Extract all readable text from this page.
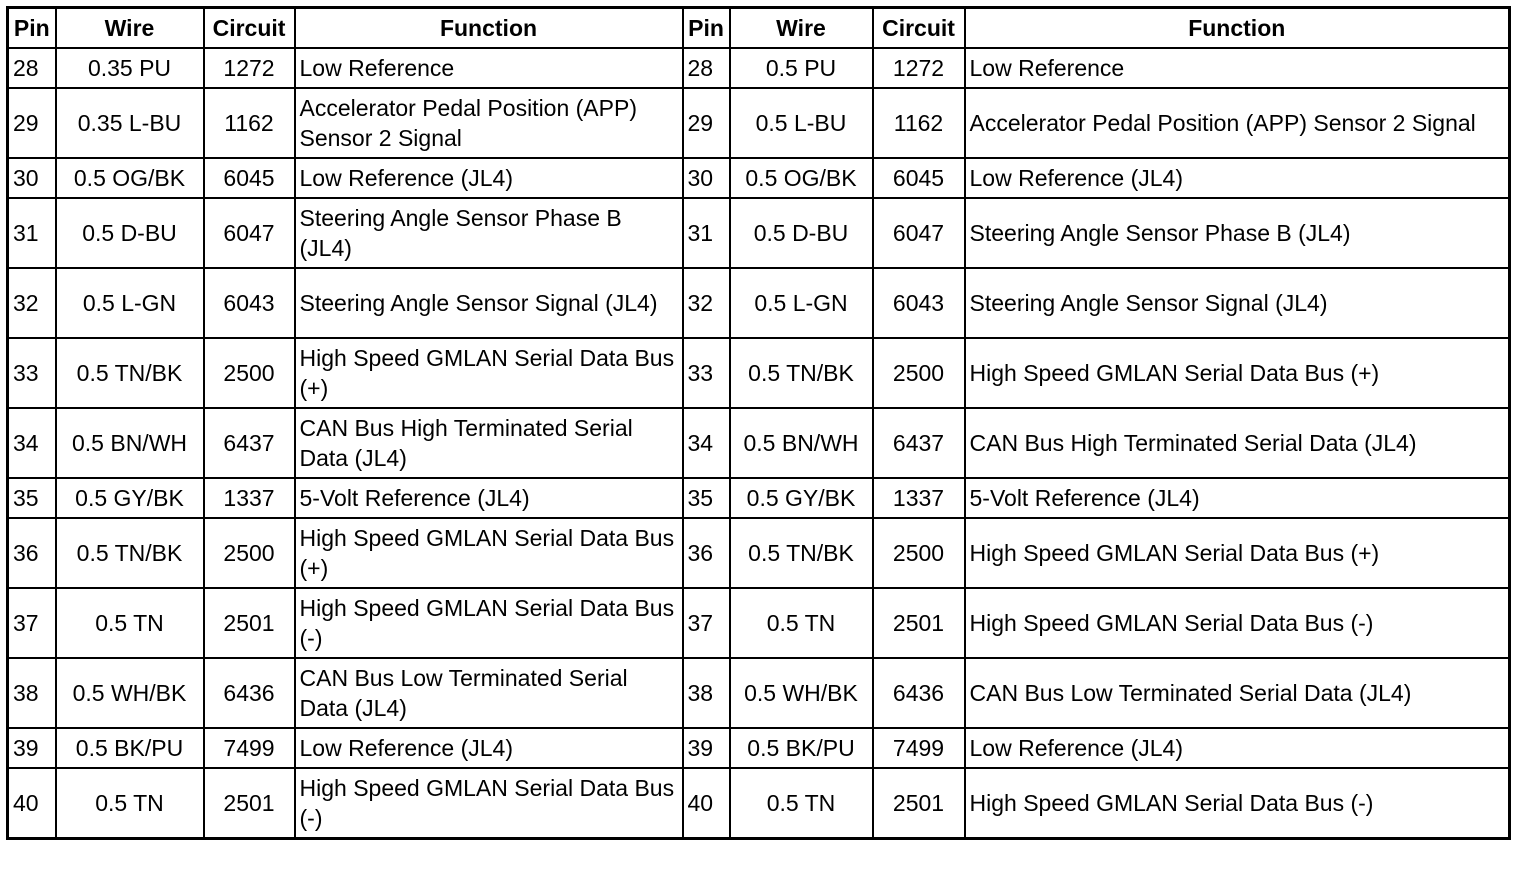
Pin	Wire	Circuit	Function	Pin	Wire	Circuit	Function
28	0.35 PU	1272	Low Reference	28	0.5 PU	1272	Low Reference
29	0.35 L-BU	1162	Accelerator Pedal Position (APP) Sensor 2 Signal	29	0.5 L-BU	1162	Accelerator Pedal Position (APP) Sensor 2 Signal
30	0.5 OG/BK	6045	Low Reference (JL4)	30	0.5 OG/BK	6045	Low Reference (JL4)
31	0.5 D-BU	6047	Steering Angle Sensor Phase B (JL4)	31	0.5 D-BU	6047	Steering Angle Sensor Phase B (JL4)
32	0.5 L-GN	6043	Steering Angle Sensor Signal (JL4)	32	0.5 L-GN	6043	Steering Angle Sensor Signal (JL4)
33	0.5 TN/BK	2500	High Speed GMLAN Serial Data Bus (+)	33	0.5 TN/BK	2500	High Speed GMLAN Serial Data Bus (+)
34	0.5 BN/WH	6437	CAN Bus High Terminated Serial Data (JL4)	34	0.5 BN/WH	6437	CAN Bus High Terminated Serial Data (JL4)
35	0.5 GY/BK	1337	5-Volt Reference (JL4)	35	0.5 GY/BK	1337	5-Volt Reference (JL4)
36	0.5 TN/BK	2500	High Speed GMLAN Serial Data Bus (+)	36	0.5 TN/BK	2500	High Speed GMLAN Serial Data Bus (+)
37	0.5 TN	2501	High Speed GMLAN Serial Data Bus (-)	37	0.5 TN	2501	High Speed GMLAN Serial Data Bus (-)
38	0.5 WH/BK	6436	CAN Bus Low Terminated Serial Data (JL4)	38	0.5 WH/BK	6436	CAN Bus Low Terminated Serial Data (JL4)
39	0.5 BK/PU	7499	Low Reference (JL4)	39	0.5 BK/PU	7499	Low Reference (JL4)
40	0.5 TN	2501	High Speed GMLAN Serial Data Bus (-)	40	0.5 TN	2501	High Speed GMLAN Serial Data Bus (-)
